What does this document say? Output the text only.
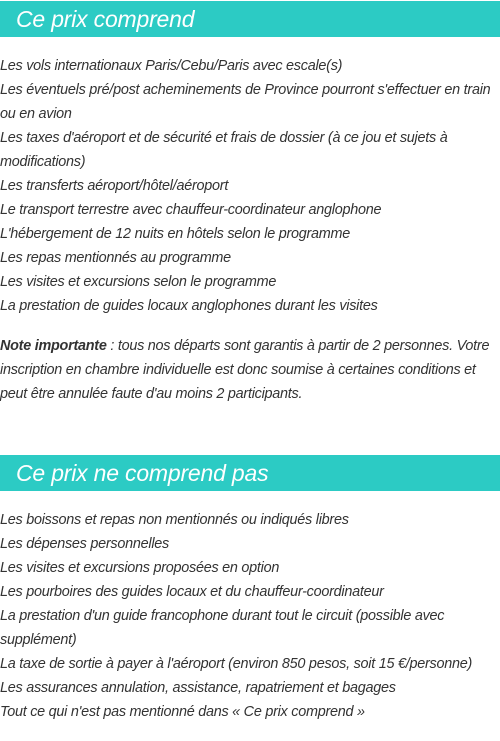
Ce prix comprend
Les vols internationaux Paris/Cebu/Paris avec escale(s)
Les éventuels pré/post acheminements de Province pourront s'effectuer en train ou en avion
Les taxes d'aéroport et de sécurité et frais de dossier (à ce jou et sujets à modifications)
Les transferts aéroport/hôtel/aéroport
Le transport terrestre avec chauffeur-coordinateur anglophone
L'hébergement de 12 nuits en hôtels selon le programme
Les repas mentionnés au programme
Les visites et excursions selon le programme
La prestation de guides locaux anglophones durant les visites

Note importante : tous nos départs sont garantis à partir de 2 personnes. Votre inscription en chambre individuelle est donc soumise à certaines conditions et peut être annulée faute d'au moins 2 participants.

Ce prix ne comprend pas
Les boissons et repas non mentionnés ou indiqués libres
Les dépenses personnelles
Les visites et excursions proposées en option
Les pourboires des guides locaux et du chauffeur-coordinateur
La prestation d'un guide francophone durant tout le circuit (possible avec supplément)
La taxe de sortie à payer à l'aéroport (environ 850 pesos, soit 15 €/personne)
Les assurances annulation, assistance, rapatriement et bagages
Tout ce qui n'est pas mentionné dans « Ce prix comprend »
